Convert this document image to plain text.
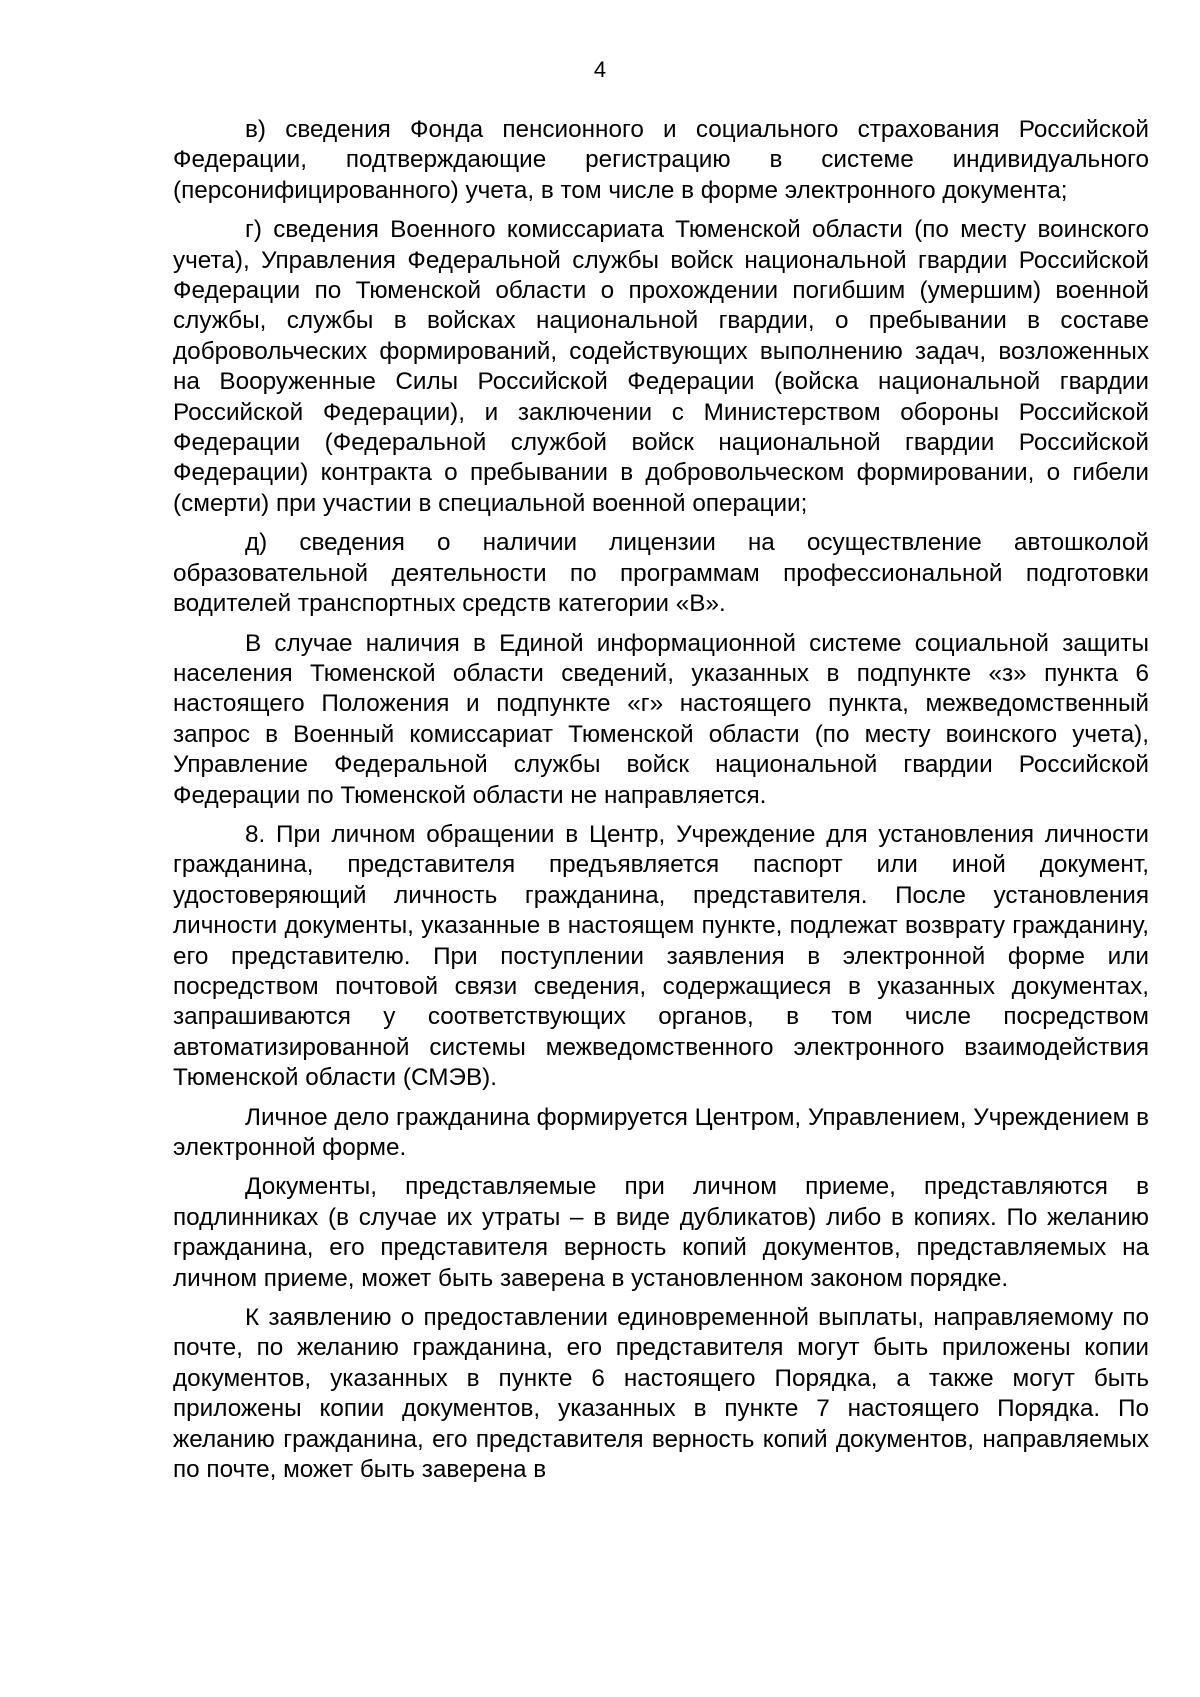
4

в) сведения Фонда пенсионного и социального страхования Российской Федерации, подтверждающие регистрацию в системе индивидуального (персонифицированного) учета, в том числе в форме электронного документа;

г) сведения Военного комиссариата Тюменской области (по месту воинского учета), Управления Федеральной службы войск национальной гвардии Российской Федерации по Тюменской области о прохождении погибшим (умершим) военной службы, службы в войсках национальной гвардии, о пребывании в составе добровольческих формирований, содействующих выполнению задач, возложенных на Вооруженные Силы Российской Федерации (войска национальной гвардии Российской Федерации), и заключении с Министерством обороны Российской Федерации (Федеральной службой войск национальной гвардии Российской Федерации) контракта о пребывании в добровольческом формировании, о гибели (смерти) при участии в специальной военной операции;

д) сведения о наличии лицензии на осуществление автошколой образовательной деятельности по программам профессиональной подготовки водителей транспортных средств категории «В».

В случае наличия в Единой информационной системе социальной защиты населения Тюменской области сведений, указанных в подпункте «з» пункта 6 настоящего Положения и подпункте «г» настоящего пункта, межведомственный запрос в Военный комиссариат Тюменской области (по месту воинского учета), Управление Федеральной службы войск национальной гвардии Российской Федерации по Тюменской области не направляется.

8. При личном обращении в Центр, Учреждение для установления личности гражданина, представителя предъявляется паспорт или иной документ, удостоверяющий личность гражданина, представителя. После установления личности документы, указанные в настоящем пункте, подлежат возврату гражданину, его представителю. При поступлении заявления в электронной форме или посредством почтовой связи сведения, содержащиеся в указанных документах, запрашиваются у соответствующих органов, в том числе посредством автоматизированной системы межведомственного электронного взаимодействия Тюменской области (СМЭВ).

Личное дело гражданина формируется Центром, Управлением, Учреждением в электронной форме.

Документы, представляемые при личном приеме, представляются в подлинниках (в случае их утраты – в виде дубликатов) либо в копиях. По желанию гражданина, его представителя верность копий документов, представляемых на личном приеме, может быть заверена в установленном законом порядке.

К заявлению о предоставлении единовременной выплаты, направляемому по почте, по желанию гражданина, его представителя могут быть приложены копии документов, указанных в пункте 6 настоящего Порядка, а также могут быть приложены копии документов, указанных в пункте 7 настоящего Порядка. По желанию гражданина, его представителя верность копий документов, направляемых по почте, может быть заверена в
